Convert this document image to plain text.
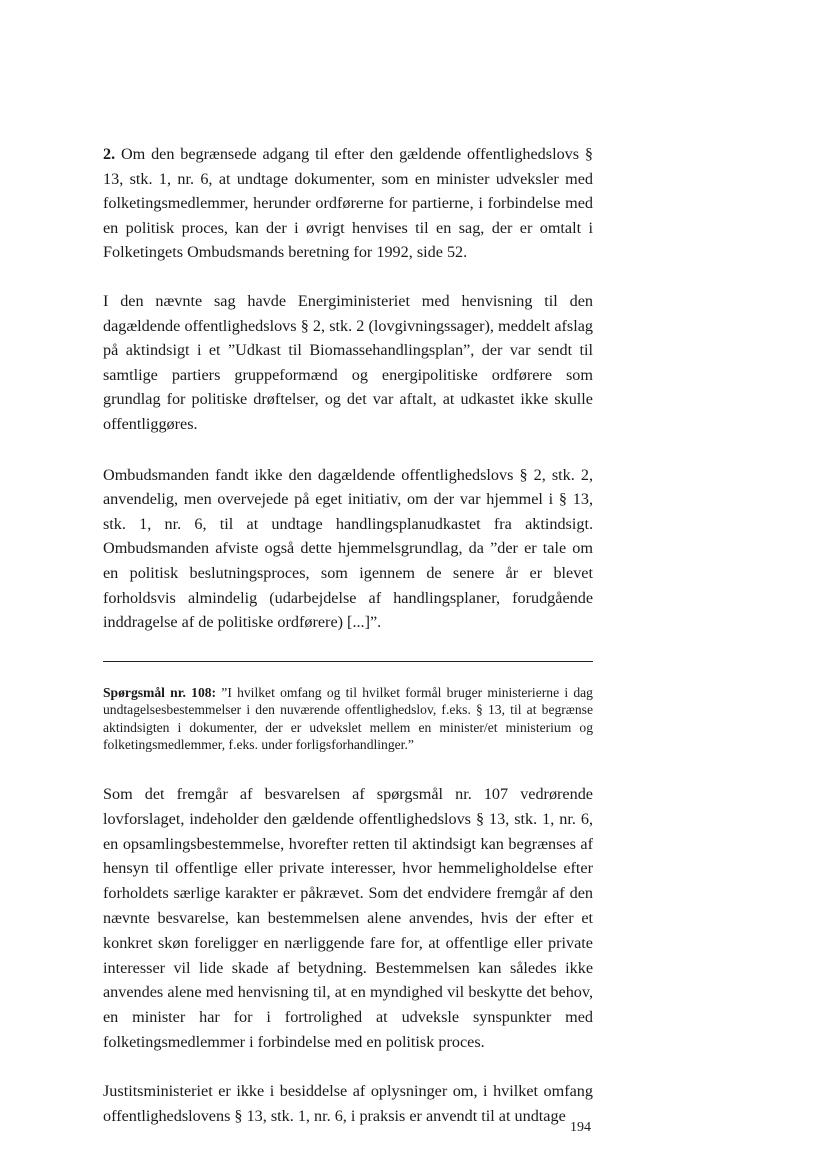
2. Om den begrænsede adgang til efter den gældende offentlighedslovs § 13, stk. 1, nr. 6, at undtage dokumenter, som en minister udveksler med folketingsmedlemmer, herunder ordførerne for partierne, i forbindelse med en politisk proces, kan der i øvrigt henvises til en sag, der er omtalt i Folketingets Ombudsmands beretning for 1992, side 52.

I den nævnte sag havde Energiministeriet med henvisning til den dagældende offentlighedslovs § 2, stk. 2 (lovgivningssager), meddelt afslag på aktindsigt i et ”Udkast til Biomassehandlingsplan”, der var sendt til samtlige partiers gruppeformænd og energipolitiske ordførere som grundlag for politiske drøftelser, og det var aftalt, at udkastet ikke skulle offentliggøres.

Ombudsmanden fandt ikke den dagældende offentlighedslovs § 2, stk. 2, anvendelig, men overvejede på eget initiativ, om der var hjemmel i § 13, stk. 1, nr. 6, til at undtage handlingsplanudkastet fra aktindsigt. Ombudsmanden afviste også dette hjemmelsgrundlag, da ”der er tale om en politisk beslutningsproces, som igennem de senere år er blevet forholdsvis almindelig (udarbejdelse af handlingsplaner, forudgående inddragelse af de politiske ordførere) [...]”.

Spørgsmål nr. 108: ”I hvilket omfang og til hvilket formål bruger ministerierne i dag undtagelsesbestemmelser i den nuværende offentlighedslov, f.eks. § 13, til at begrænse aktindsigten i dokumenter, der er udvekslet mellem en minister/et ministerium og folketingsmedlemmer, f.eks. under forligsforhandlinger.”

Som det fremgår af besvarelsen af spørgsmål nr. 107 vedrørende lovforslaget, indeholder den gældende offentlighedslovs § 13, stk. 1, nr. 6, en opsamlingsbestemmelse, hvorefter retten til aktindsigt kan begrænses af hensyn til offentlige eller private interesser, hvor hemmeligholdelse efter forholdets særlige karakter er påkrævet. Som det endvidere fremgår af den nævnte besvarelse, kan bestemmelsen alene anvendes, hvis der efter et konkret skøn foreligger en nærliggende fare for, at offentlige eller private interesser vil lide skade af betydning. Bestemmelsen kan således ikke anvendes alene med henvisning til, at en myndighed vil beskytte det behov, en minister har for i fortrolighed at udveksle synspunkter med folketingsmedlemmer i forbindelse med en politisk proces.

Justitsministeriet er ikke i besiddelse af oplysninger om, i hvilket omfang offentlighedslovens § 13, stk. 1, nr. 6, i praksis er anvendt til at undtage

194
